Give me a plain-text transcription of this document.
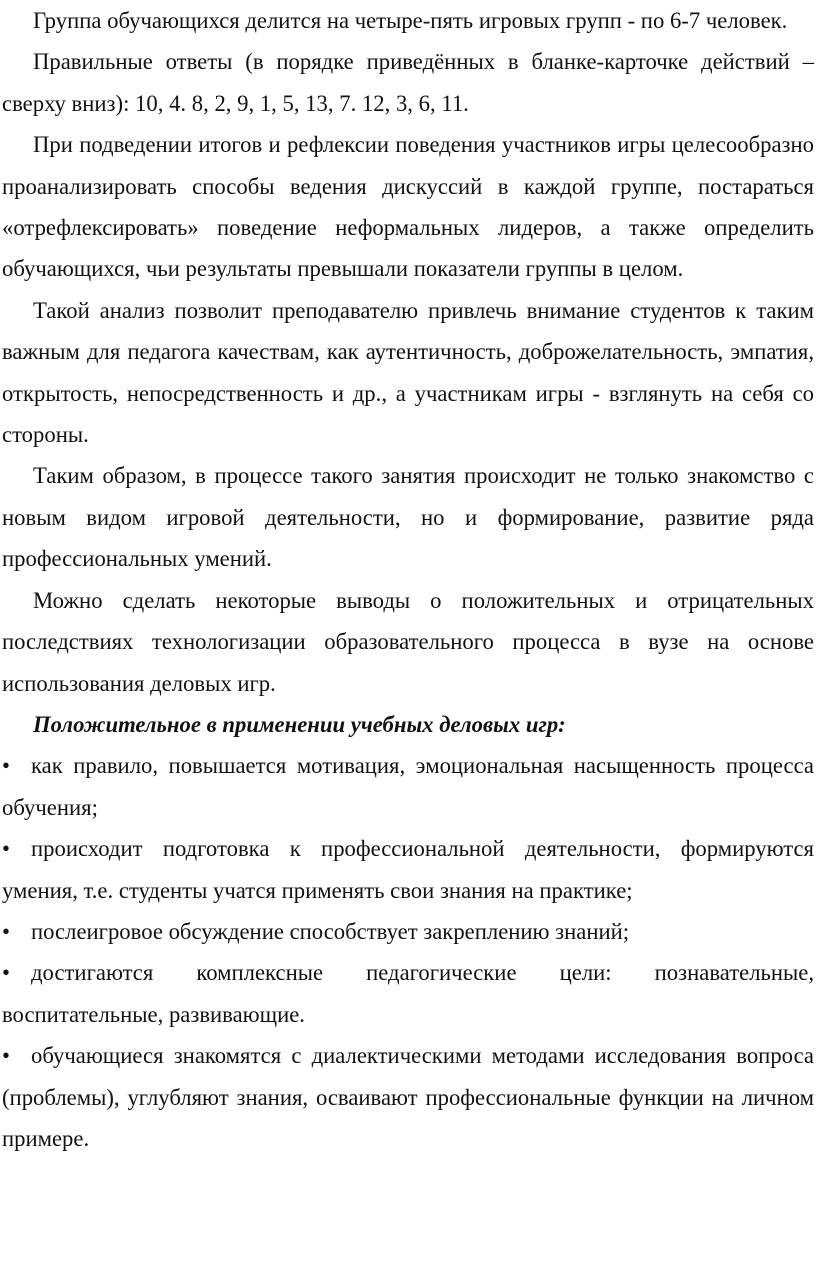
Группа обучающихся делится на четыре-пять игровых групп - по 6-7 человек.

Правильные ответы (в порядке приведённых в бланке-карточке действий – сверху вниз): 10, 4. 8, 2, 9, 1, 5, 13, 7. 12, 3, 6, 11.

При подведении итогов и рефлексии поведения участников игры целесообразно проанализировать способы ведения дискуссий в каждой группе, постараться «отрефлексировать» поведение неформальных лидеров, а также определить обучающихся, чьи результаты превышали показатели группы в целом.

Такой анализ позволит преподавателю привлечь внимание студентов к таким важным для педагога качествам, как аутентичность, доброжелательность, эмпатия, открытость, непосредственность и др., а участникам игры - взглянуть на себя со стороны.

Таким образом, в процессе такого занятия происходит не только знакомство с новым видом игровой деятельности, но и формирование, развитие ряда профессиональных умений.

Можно сделать некоторые выводы о положительных и отрицательных последствиях технологизации образовательного процесса в вузе на основе использования деловых игр.

Положительное в применении учебных деловых игр:

• как правило, повышается мотивация, эмоциональная насыщенность процесса обучения;

• происходит подготовка к профессиональной деятельности, формируются умения, т.е. студенты учатся применять свои знания на практике;

• послеигровое обсуждение способствует закреплению знаний;

• достигаются комплексные педагогические цели: познавательные, воспитательные, развивающие.

• обучающиеся знакомятся с диалектическими методами исследования вопроса (проблемы), углубляют знания, осваивают профессиональные функции на личном примере.
